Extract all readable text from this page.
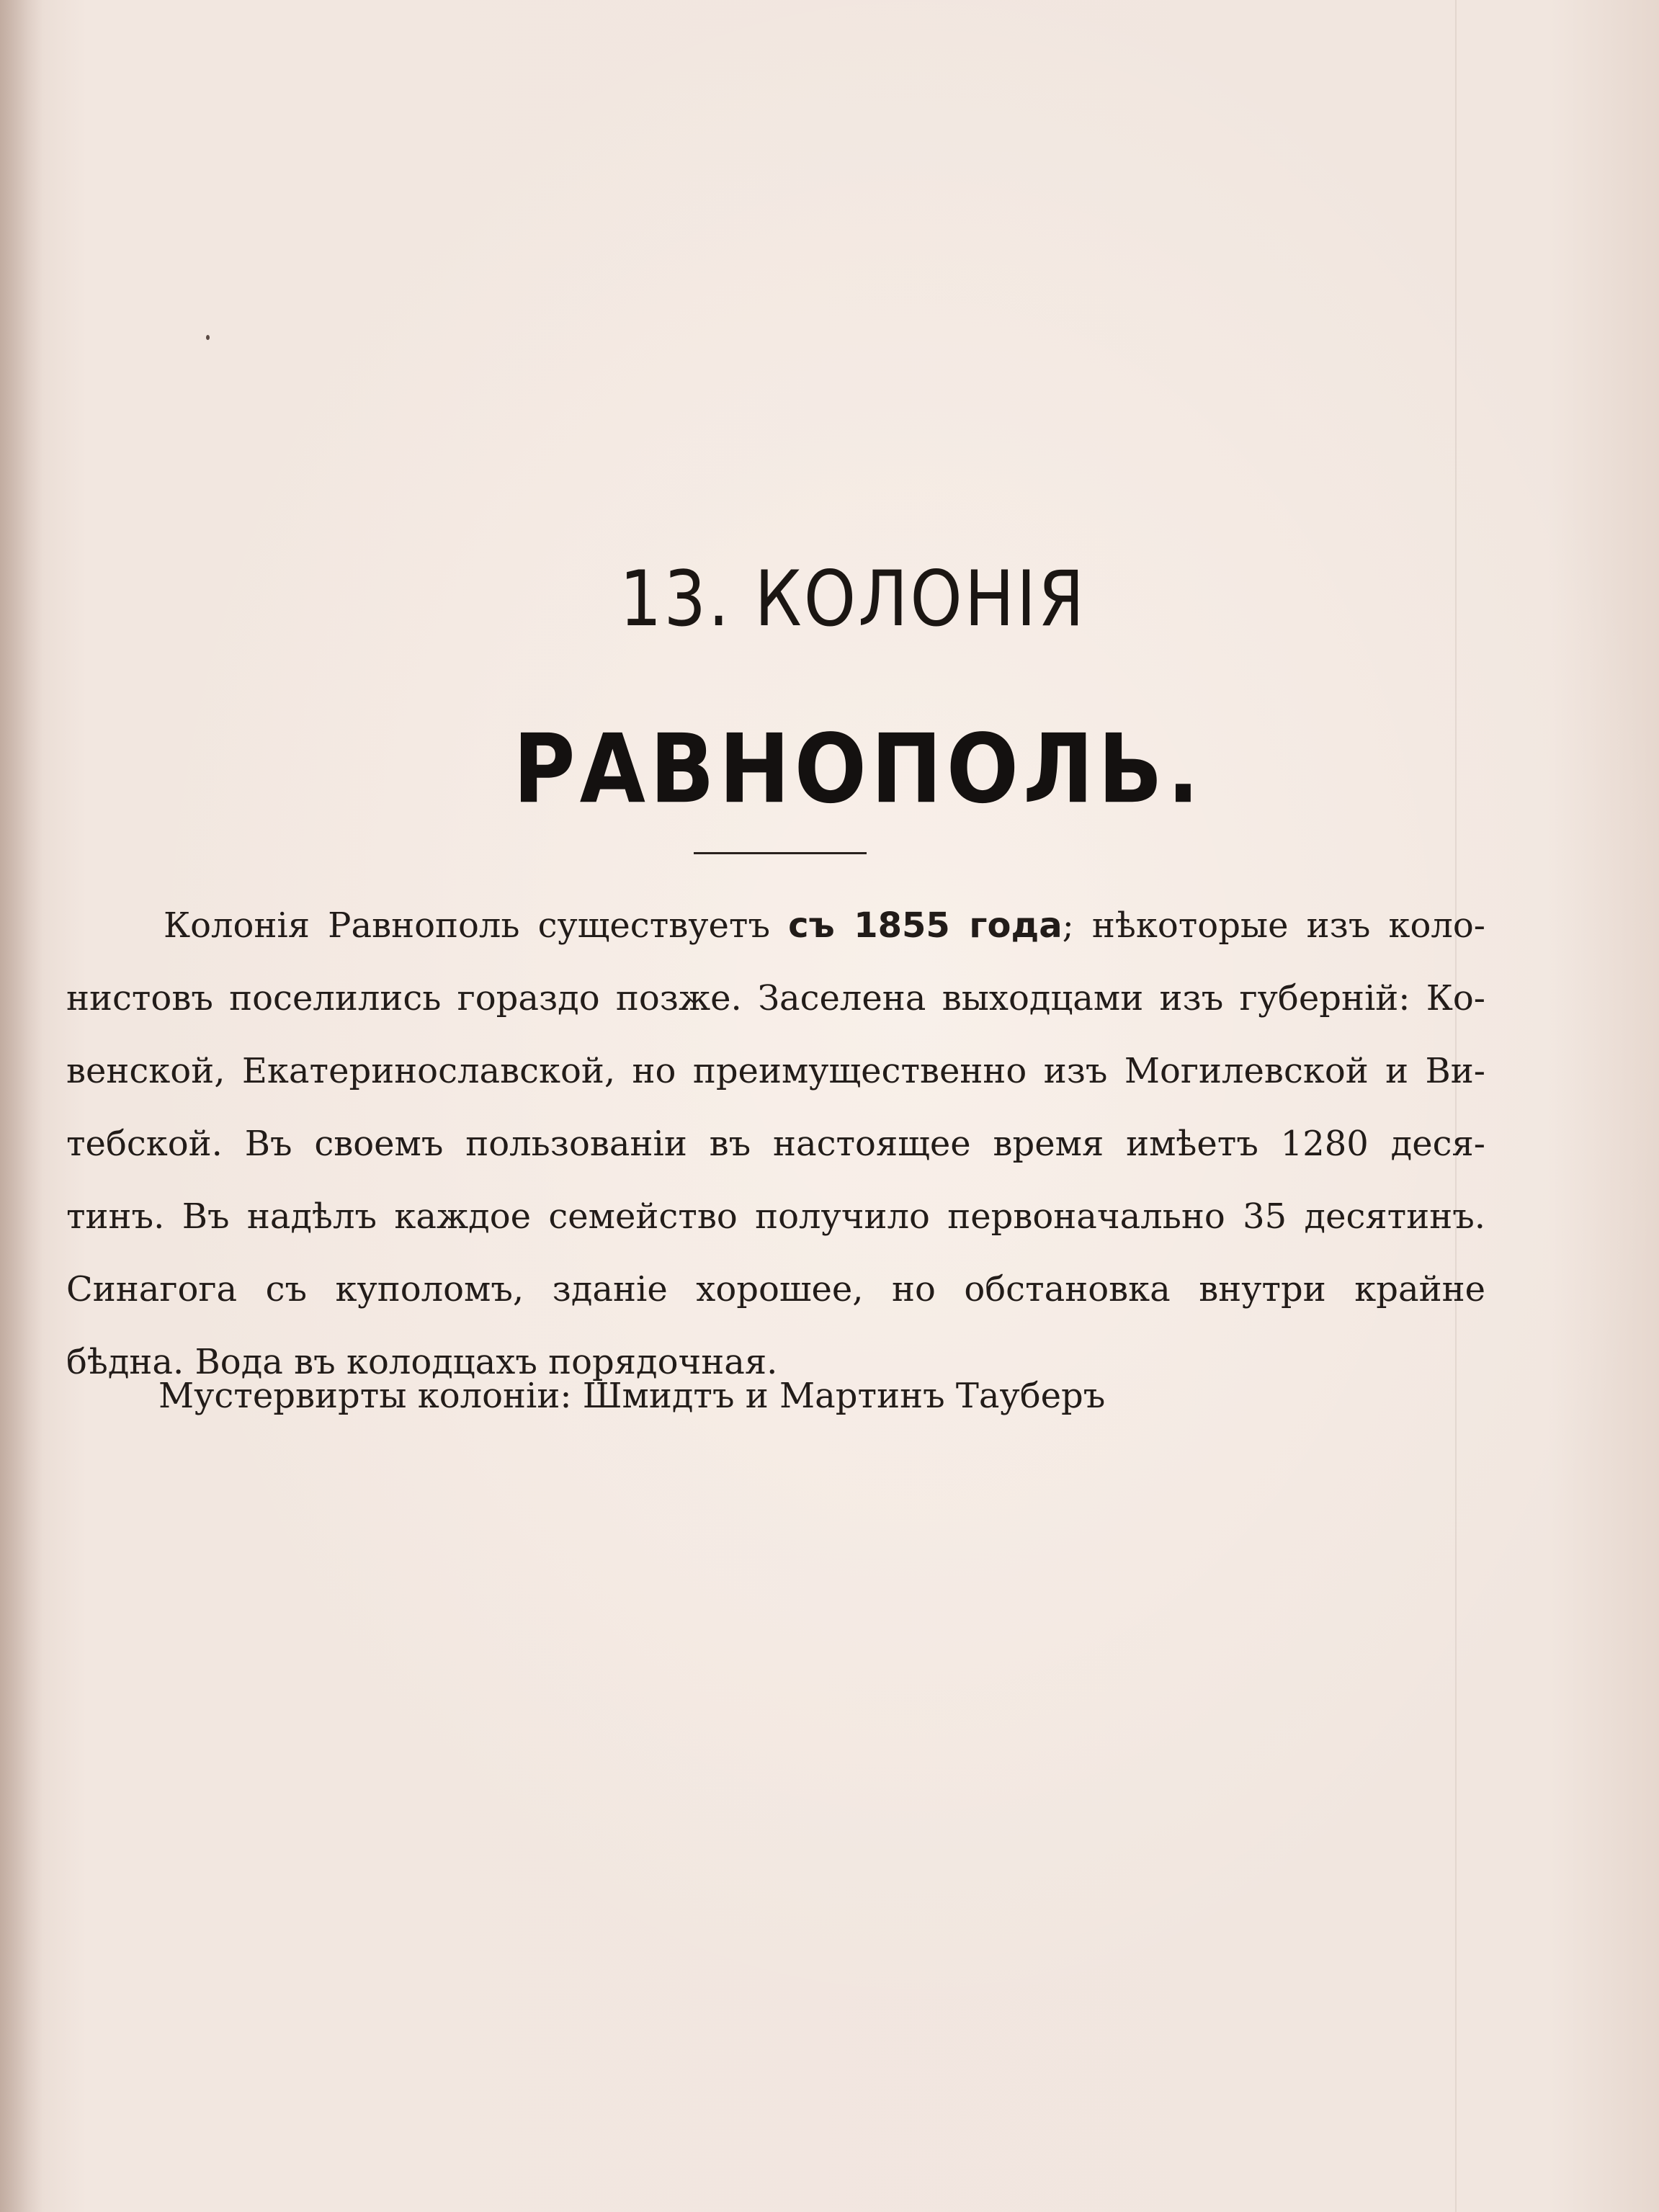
13. КОЛОНІЯ
РАВНОПОЛЬ.
Колонія Равнополь существуетъ съ 1855 года; нѣкоторые изъ коло-
нистовъ поселились гораздо позже. Заселена выходцами изъ губерній: Ко-
венской, Екатеринославской, но преимущественно изъ Могилевской и Ви-
тебской. Въ своемъ пользованіи въ настоящее время имѣетъ 1280 деся-
тинъ. Въ надѣлъ каждое семейство получило первоначально 35 десятинъ.
Синагога съ куполомъ, зданіе хорошее, но обстановка внутри крайне
бѣдна. Вода въ колодцахъ порядочная.
Мустервирты колоніи: Шмидтъ и Мартинъ Тауберъ
